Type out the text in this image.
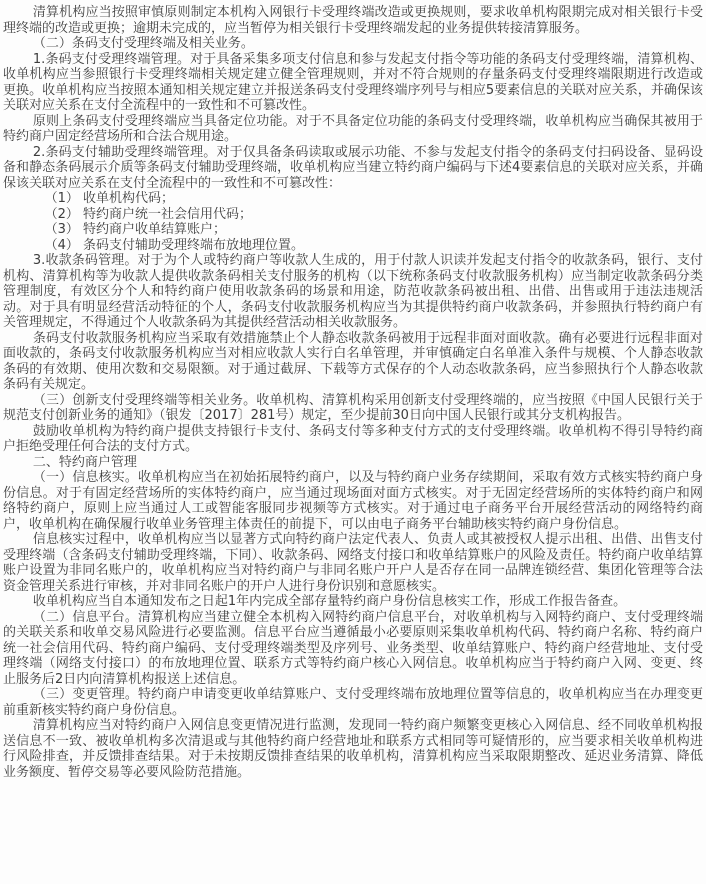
清算机构应当按照审慎原则制定本机构入网银行卡受理终端改造或更换规则，要求收单机构限期完成对相关银行卡受理终端的改造或更换；逾期未完成的，应当暂停为相关银行卡受理终端发起的业务提供转接清算服务。

（二）条码支付受理终端及相关业务。

1.条码支付受理终端管理。对于具备采集多项支付信息和参与发起支付指令等功能的条码支付受理终端，清算机构、收单机构应当参照银行卡受理终端相关规定建立健全管理规则，并对不符合规则的存量条码支付受理终端限期进行改造或更换。收单机构应当按照本通知相关规定建立并报送条码支付受理终端序列号与相应5要素信息的关联对应关系，并确保该关联对应关系在支付全流程中的一致性和不可篡改性。

原则上条码支付受理终端应当具备定位功能。对于不具备定位功能的条码支付受理终端，收单机构应当确保其被用于特约商户固定经营场所和合法合规用途。

2.条码支付辅助受理终端管理。对于仅具备条码读取或展示功能、不参与发起支付指令的条码支付扫码设备、显码设备和静态条码展示介质等条码支付辅助受理终端，收单机构应当建立特约商户编码与下述4要素信息的关联对应关系，并确保该关联对应关系在支付全流程中的一致性和不可篡改性：

（1） 收单机构代码；

（2） 特约商户统一社会信用代码；

（3） 特约商户收单结算账户；

（4） 条码支付辅助受理终端布放地理位置。

3.收款条码管理。对于为个人或特约商户等收款人生成的，用于付款人识读并发起支付指令的收款条码，银行、支付机构、清算机构等为收款人提供收款条码相关支付服务的机构（以下统称条码支付收款服务机构）应当制定收款条码分类管理制度，有效区分个人和特约商户使用收款条码的场景和用途，防范收款条码被出租、出借、出售或用于违法违规活动。对于具有明显经营活动特征的个人，条码支付收款服务机构应当为其提供特约商户收款条码，并参照执行特约商户有关管理规定，不得通过个人收款条码为其提供经营活动相关收款服务。

条码支付收款服务机构应当采取有效措施禁止个人静态收款条码被用于远程非面对面收款。确有必要进行远程非面对面收款的，条码支付收款服务机构应当对相应收款人实行白名单管理，并审慎确定白名单准入条件与规模、个人静态收款条码的有效期、使用次数和交易限额。对于通过截屏、下载等方式保存的个人动态收款条码，应当参照执行个人静态收款条码有关规定。

（三）创新支付受理终端等相关业务。收单机构、清算机构采用创新支付受理终端的，应当按照《中国人民银行关于规范支付创新业务的通知》（银发〔2017〕281号）规定，至少提前30日向中国人民银行或其分支机构报告。

鼓励收单机构为特约商户提供支持银行卡支付、条码支付等多种支付方式的支付受理终端。收单机构不得引导特约商户拒绝受理任何合法的支付方式。

二、特约商户管理

（一）信息核实。收单机构应当在初始拓展特约商户，以及与特约商户业务存续期间，采取有效方式核实特约商户身份信息。对于有固定经营场所的实体特约商户，应当通过现场面对面方式核实。对于无固定经营场所的实体特约商户和网络特约商户，原则上应当通过人工或智能客服同步视频等方式核实。对于通过电子商务平台开展经营活动的网络特约商户，收单机构在确保履行收单业务管理主体责任的前提下，可以由电子商务平台辅助核实特约商户身份信息。

信息核实过程中，收单机构应当以显著方式向特约商户法定代表人、负责人或其被授权人提示出租、出借、出售支付受理终端（含条码支付辅助受理终端，下同）、收款条码、网络支付接口和收单结算账户的风险及责任。特约商户收单结算账户设置为非同名账户的，收单机构应当对特约商户与非同名账户开户人是否存在同一品牌连锁经营、集团化管理等合法资金管理关系进行审核，并对非同名账户的开户人进行身份识别和意愿核实。

收单机构应当自本通知发布之日起1年内完成全部存量特约商户身份信息核实工作，形成工作报告备查。

（二）信息平台。清算机构应当建立健全本机构入网特约商户信息平台，对收单机构与入网特约商户、支付受理终端的关联关系和收单交易风险进行必要监测。信息平台应当遵循最小必要原则采集收单机构代码、特约商户名称、特约商户统一社会信用代码、特约商户编码、支付受理终端类型及序列号、业务类型、收单结算账户、特约商户经营地址、支付受理终端（网络支付接口）的布放地理位置、联系方式等特约商户核心入网信息。收单机构应当于特约商户入网、变更、终止服务后2日内向清算机构报送上述信息。

（三）变更管理。特约商户申请变更收单结算账户、支付受理终端布放地理位置等信息的，收单机构应当在办理变更前重新核实特约商户身份信息。

清算机构应当对特约商户入网信息变更情况进行监测，发现同一特约商户频繁变更核心入网信息、经不同收单机构报送信息不一致、被收单机构多次清退或与其他特约商户经营地址和联系方式相同等可疑情形的，应当要求相关收单机构进行风险排查，并反馈排查结果。对于未按期反馈排查结果的收单机构，清算机构应当采取限期整改、延迟业务清算、降低业务额度、暂停交易等必要风险防范措施。
